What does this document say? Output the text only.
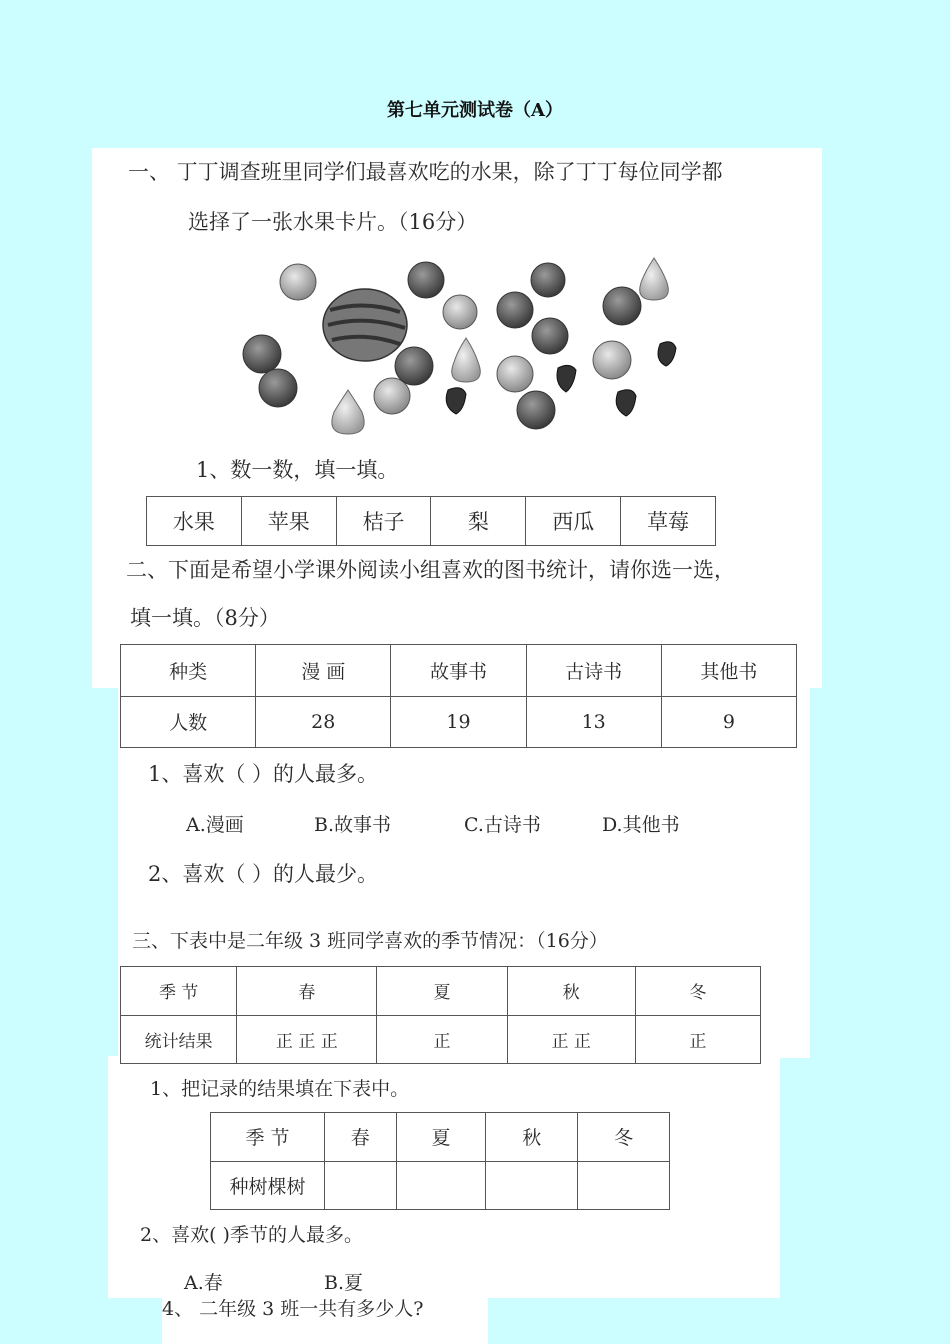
第七单元测试卷（A）
一、 丁丁调查班里同学们最喜欢吃的水果，除了丁丁每位同学都
选择了一张水果卡片。（16分）
1、数一数，填一填。
水果	苹果	桔子	梨	西瓜	草莓
二、下面是希望小学课外阅读小组喜欢的图书统计，请你选一选，
填一填。（8分）
种类	漫 画	故事书	古诗书	其他书
人数	28	19	13	9
1、喜欢（ ）的人最多。
A.漫画	B.故事书	C.古诗书	D.其他书
2、喜欢（ ）的人最少。
三、下表中是二年级 3 班同学喜欢的季节情况：（16分）
季 节	春	夏	秋	冬
统计结果	正 正 正	正	正 正	正
1、把记录的结果填在下表中。
季 节	春	夏	秋	冬
种树棵树				
2、喜欢( )季节的人最多。
A.春	B.夏
4、 二年级 3 班一共有多少人?
